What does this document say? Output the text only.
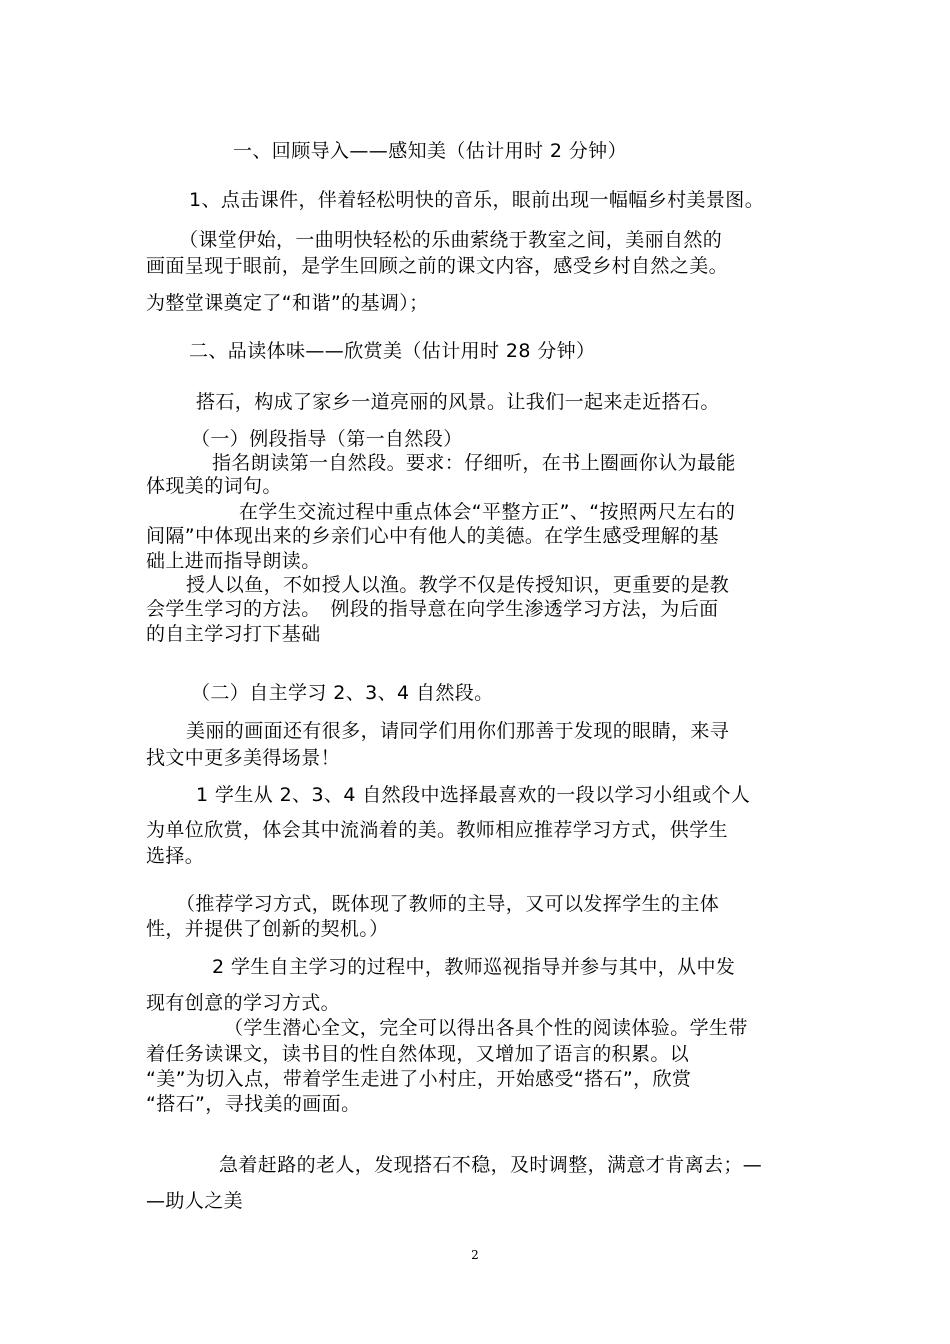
一、回顾导入——感知美（估计用时 2 分钟）
1、点击课件，伴着轻松明快的音乐，眼前出现一幅幅乡村美景图。
（课堂伊始，一曲明快轻松的乐曲萦绕于教室之间，美丽自然的
画面呈现于眼前，是学生回顾之前的课文内容，感受乡村自然之美。
为整堂课奠定了“和谐”的基调）；
二、品读体味——欣赏美（估计用时 28 分钟）
搭石，构成了家乡一道亮丽的风景。让我们一起来走近搭石。
（一）例段指导（第一自然段）
指名朗读第一自然段。要求：仔细听，在书上圈画你认为最能
体现美的词句。
在学生交流过程中重点体会“平整方正”、“按照两尺左右的
间隔”中体现出来的乡亲们心中有他人的美德。在学生感受理解的基
础上进而指导朗读。
授人以鱼，不如授人以渔。教学不仅是传授知识，更重要的是教
会学生学习的方法。　例段的指导意在向学生渗透学习方法，为后面
的自主学习打下基础
（二）自主学习 2、3、4 自然段。
美丽的画面还有很多，请同学们用你们那善于发现的眼睛，来寻
找文中更多美得场景！
1 学生从 2、3、4 自然段中选择最喜欢的一段以学习小组或个人
为单位欣赏，体会其中流淌着的美。教师相应推荐学习方式，供学生
选择。
（推荐学习方式，既体现了教师的主导，又可以发挥学生的主体
性，并提供了创新的契机。）
2 学生自主学习的过程中，教师巡视指导并参与其中，从中发
现有创意的学习方式。
（学生潜心全文，完全可以得出各具个性的阅读体验。学生带
着任务读课文，读书目的性自然体现，又增加了语言的积累。以
“美”为切入点，带着学生走进了小村庄，开始感受“搭石”，欣赏
“搭石”，寻找美的画面。
急着赶路的老人，发现搭石不稳，及时调整，满意才肯离去；—
—助人之美
2
